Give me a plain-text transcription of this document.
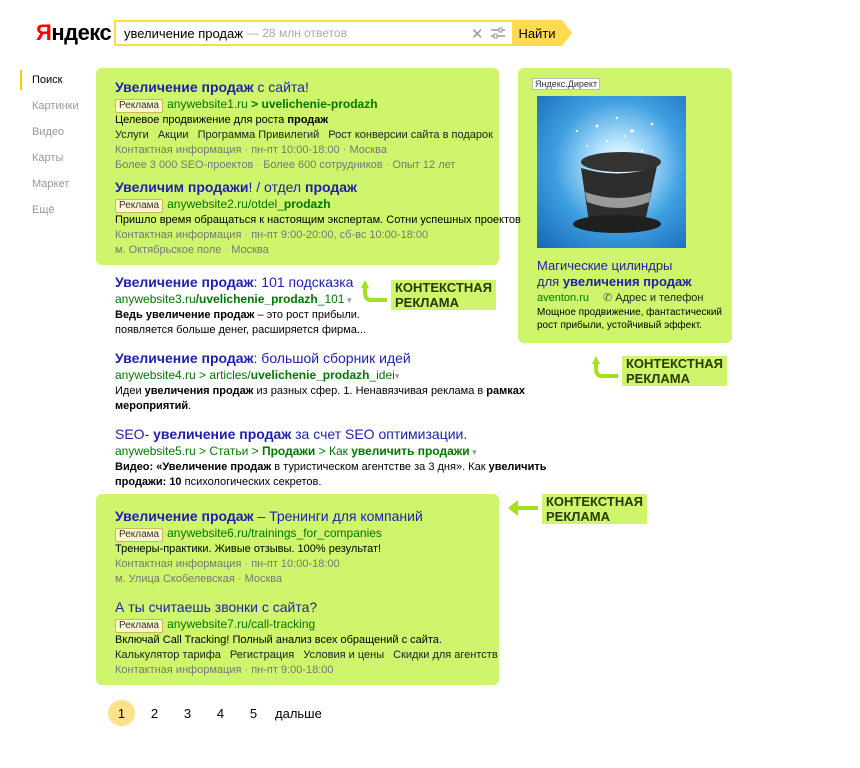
Яндекс увеличение продаж — 28 млн ответов	✕	Найти
Поиск
Картинки
Видео
Карты
Маркет
Ещё
Увеличение продаж с сайта!
Реклама anywebsite1.ru > uvelichenie-prodazh
Целевое продвижение для роста продаж
Услуги Акции Программа Привилегий Рост конверсии сайта в подарок
Контактная информация · пн-пт 10:00-18:00 · Москва
Более 3 000 SEO-проектов · Более 600 сотрудников · Опыт 12 лет
Увеличим продажи! / отдел продаж
Реклама anywebsite2.ru/otdel_prodazh
Пришло время обращаться к настоящим экспертам. Сотни успешных проектов
Контактная информация · пн-пт 9:00-20:00, сб-вс 10:00-18:00
м. Октябрьское поле · Москва
Увеличение продаж: 101 подсказка
anywebsite3.ru/uvelichenie_prodazh_101 ▾
Ведь увеличение продаж – это рост прибыли.
появляется больше денег, расширяется фирма...
Увеличение продаж: большой сборник идей
anywebsite4.ru > articles/uvelichenie_prodazh_idei▾
Идеи увеличения продаж из разных сфер. 1. Ненавязчивая реклама в рамках
мероприятий.
SEO- увеличение продаж за счет SEO оптимизации.
anywebsite5.ru > Статьи > Продажи > Как увеличить продажи ▾
Видео: «Увеличение продаж в туристическом агентстве за 3 дня». Как увеличить
продажи: 10 психологических секретов.
Увеличение продаж – Тренинги для компаний
Реклама anywebsite6.ru/trainings_for_companies
Тренеры-практики. Живые отзывы. 100% результат!
Контактная информация · пн-пт 10:00-18:00
м. Улица Скобелевская · Москва
А ты считаешь звонки с сайта?
Реклама anywebsite7.ru/call-tracking
Включай Call Tracking! Полный анализ всех обращений с сайта.
Калькулятор тарифа Регистрация Условия и цены Скидки для агентств
Контактная информация · пн-пт 9:00-18:00
Яндекс.Директ
Магические цилиндры
для увеличения продаж
aventon.ru ✆ Адрес и телефон
Мощное продвижение, фантастический
рост прибыли, устойчивый эффект.
КОНТЕКСТНАЯ
РЕКЛАМА
КОНТЕКСТНАЯ
РЕКЛАМА
КОНТЕКСТНАЯ
РЕКЛАМА
1	2	3	4	5	дальше
